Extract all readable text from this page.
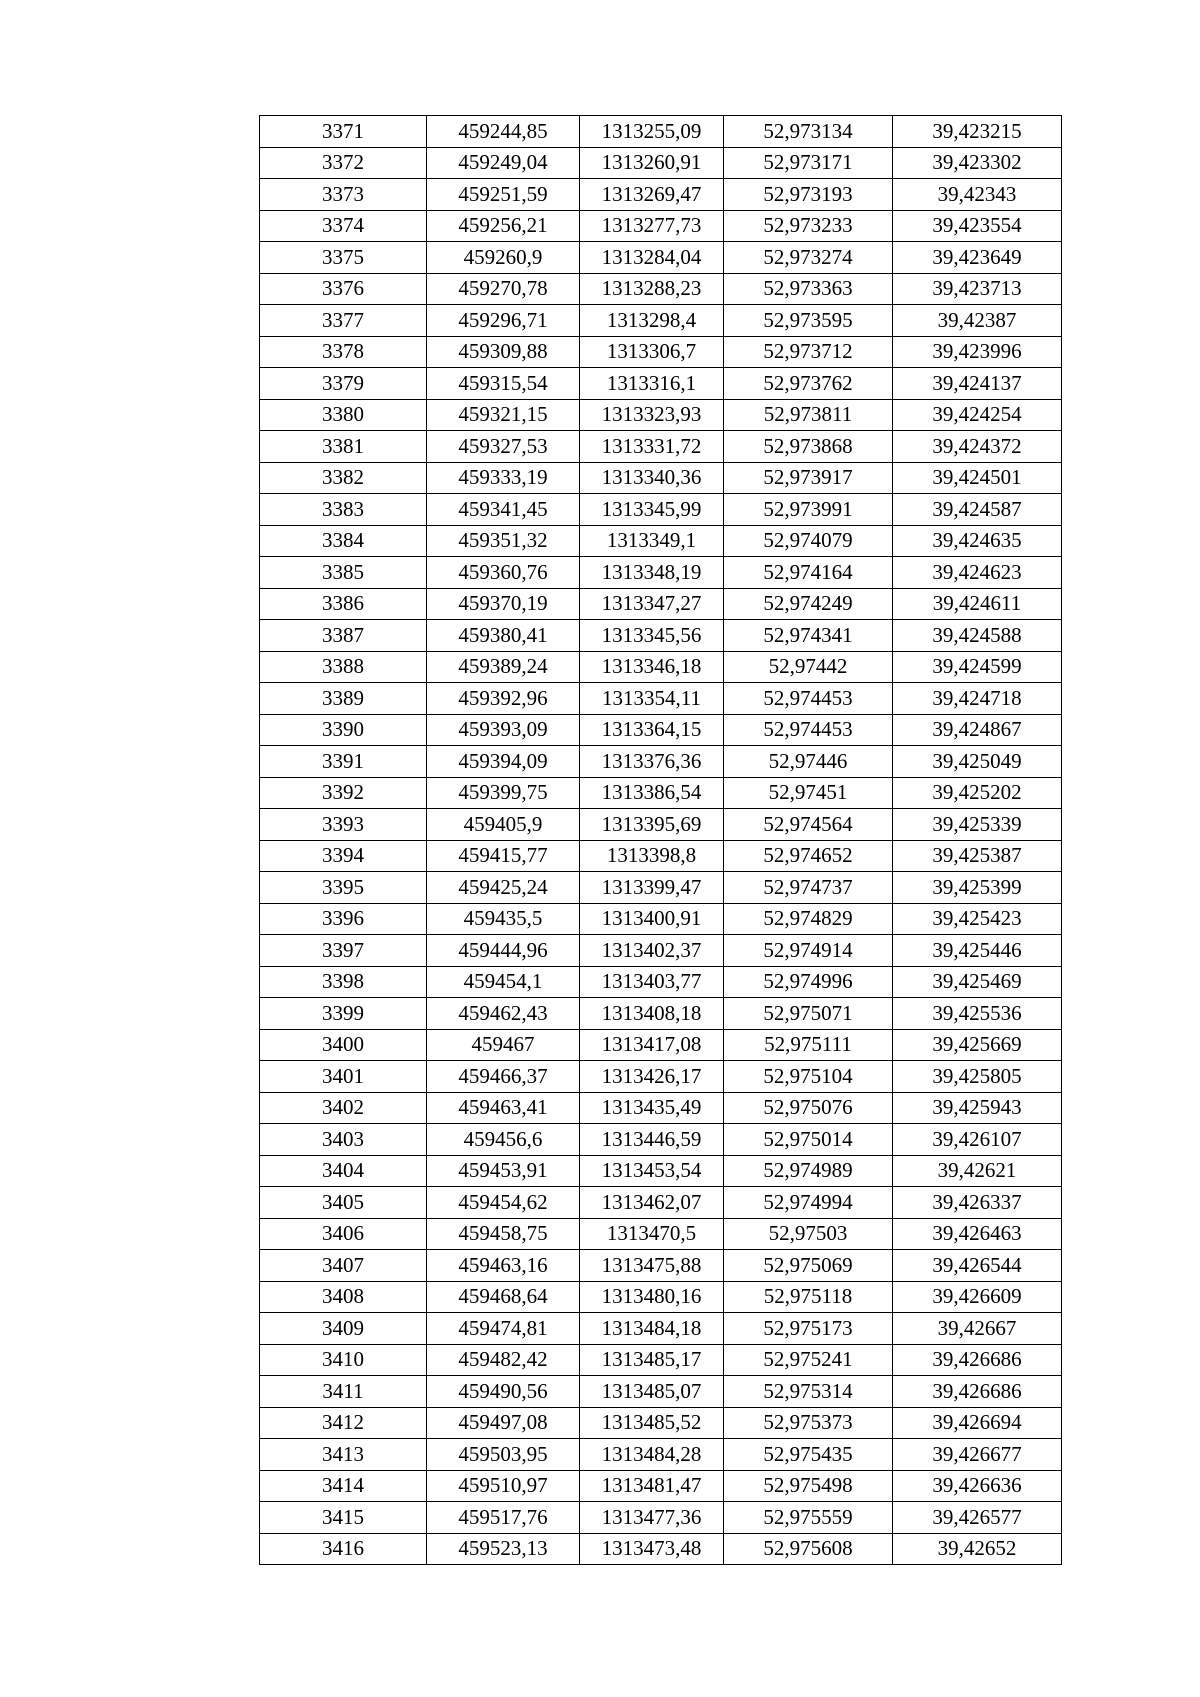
3371	459244,85	1313255,09	52,973134	39,423215
3372	459249,04	1313260,91	52,973171	39,423302
3373	459251,59	1313269,47	52,973193	39,42343
3374	459256,21	1313277,73	52,973233	39,423554
3375	459260,9	1313284,04	52,973274	39,423649
3376	459270,78	1313288,23	52,973363	39,423713
3377	459296,71	1313298,4	52,973595	39,42387
3378	459309,88	1313306,7	52,973712	39,423996
3379	459315,54	1313316,1	52,973762	39,424137
3380	459321,15	1313323,93	52,973811	39,424254
3381	459327,53	1313331,72	52,973868	39,424372
3382	459333,19	1313340,36	52,973917	39,424501
3383	459341,45	1313345,99	52,973991	39,424587
3384	459351,32	1313349,1	52,974079	39,424635
3385	459360,76	1313348,19	52,974164	39,424623
3386	459370,19	1313347,27	52,974249	39,424611
3387	459380,41	1313345,56	52,974341	39,424588
3388	459389,24	1313346,18	52,97442	39,424599
3389	459392,96	1313354,11	52,974453	39,424718
3390	459393,09	1313364,15	52,974453	39,424867
3391	459394,09	1313376,36	52,97446	39,425049
3392	459399,75	1313386,54	52,97451	39,425202
3393	459405,9	1313395,69	52,974564	39,425339
3394	459415,77	1313398,8	52,974652	39,425387
3395	459425,24	1313399,47	52,974737	39,425399
3396	459435,5	1313400,91	52,974829	39,425423
3397	459444,96	1313402,37	52,974914	39,425446
3398	459454,1	1313403,77	52,974996	39,425469
3399	459462,43	1313408,18	52,975071	39,425536
3400	459467	1313417,08	52,975111	39,425669
3401	459466,37	1313426,17	52,975104	39,425805
3402	459463,41	1313435,49	52,975076	39,425943
3403	459456,6	1313446,59	52,975014	39,426107
3404	459453,91	1313453,54	52,974989	39,42621
3405	459454,62	1313462,07	52,974994	39,426337
3406	459458,75	1313470,5	52,97503	39,426463
3407	459463,16	1313475,88	52,975069	39,426544
3408	459468,64	1313480,16	52,975118	39,426609
3409	459474,81	1313484,18	52,975173	39,42667
3410	459482,42	1313485,17	52,975241	39,426686
3411	459490,56	1313485,07	52,975314	39,426686
3412	459497,08	1313485,52	52,975373	39,426694
3413	459503,95	1313484,28	52,975435	39,426677
3414	459510,97	1313481,47	52,975498	39,426636
3415	459517,76	1313477,36	52,975559	39,426577
3416	459523,13	1313473,48	52,975608	39,42652
